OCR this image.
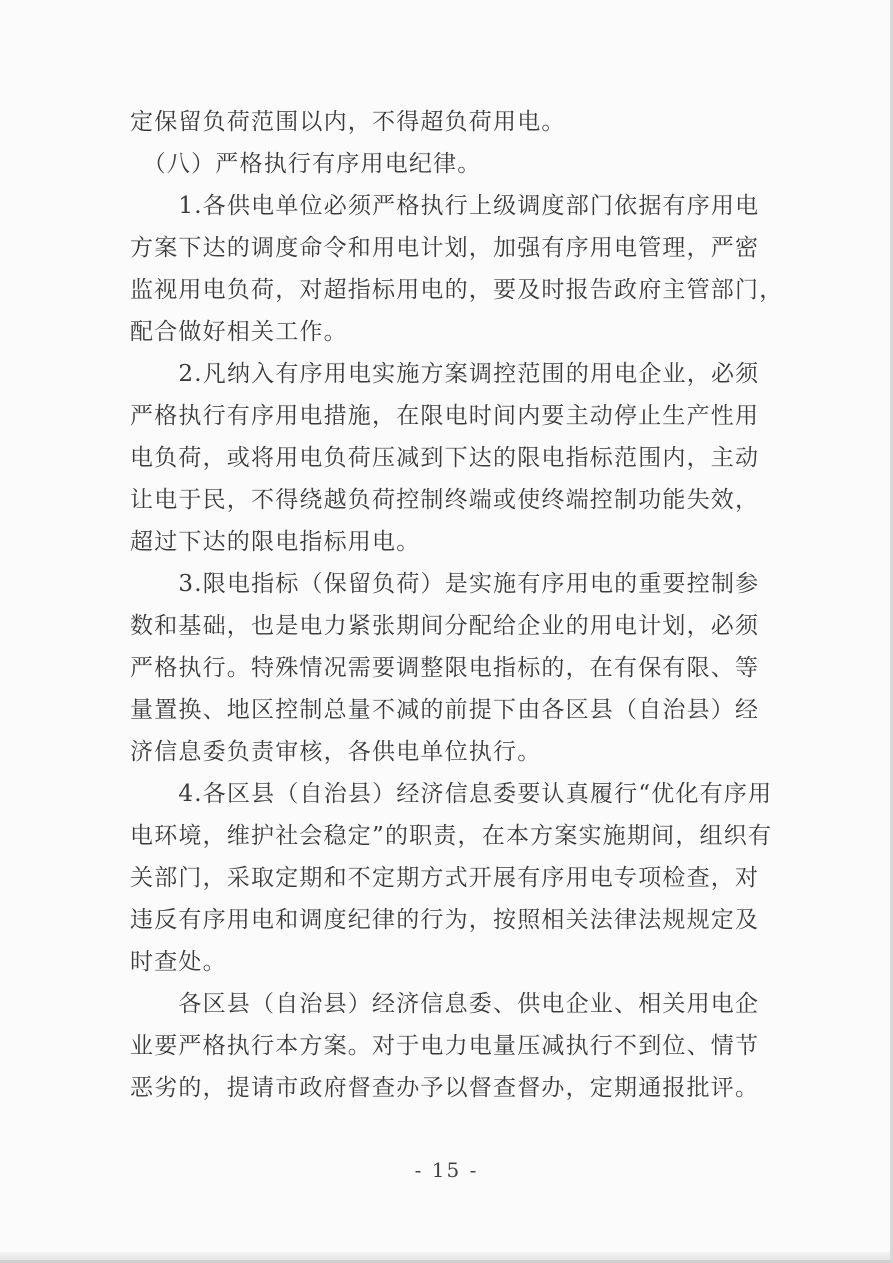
定保留负荷范围以内，不得超负荷用电。
　（八）严格执行有序用电纪律。
　　1.各供电单位必须严格执行上级调度部门依据有序用电
方案下达的调度命令和用电计划，加强有序用电管理，严密
监视用电负荷，对超指标用电的，要及时报告政府主管部门，
配合做好相关工作。
　　2.凡纳入有序用电实施方案调控范围的用电企业，必须
严格执行有序用电措施，在限电时间内要主动停止生产性用
电负荷，或将用电负荷压减到下达的限电指标范围内，主动
让电于民，不得绕越负荷控制终端或使终端控制功能失效，
超过下达的限电指标用电。
　　3.限电指标（保留负荷）是实施有序用电的重要控制参
数和基础，也是电力紧张期间分配给企业的用电计划，必须
严格执行。特殊情况需要调整限电指标的，在有保有限、等
量置换、地区控制总量不减的前提下由各区县（自治县）经
济信息委负责审核，各供电单位执行。
　　4.各区县（自治县）经济信息委要认真履行“优化有序用
电环境，维护社会稳定”的职责，在本方案实施期间，组织有
关部门，采取定期和不定期方式开展有序用电专项检查，对
违反有序用电和调度纪律的行为，按照相关法律法规规定及
时查处。
　　各区县（自治县）经济信息委、供电企业、相关用电企
业要严格执行本方案。对于电力电量压减执行不到位、情节
恶劣的，提请市政府督查办予以督查督办，定期通报批评。
- 15 -
